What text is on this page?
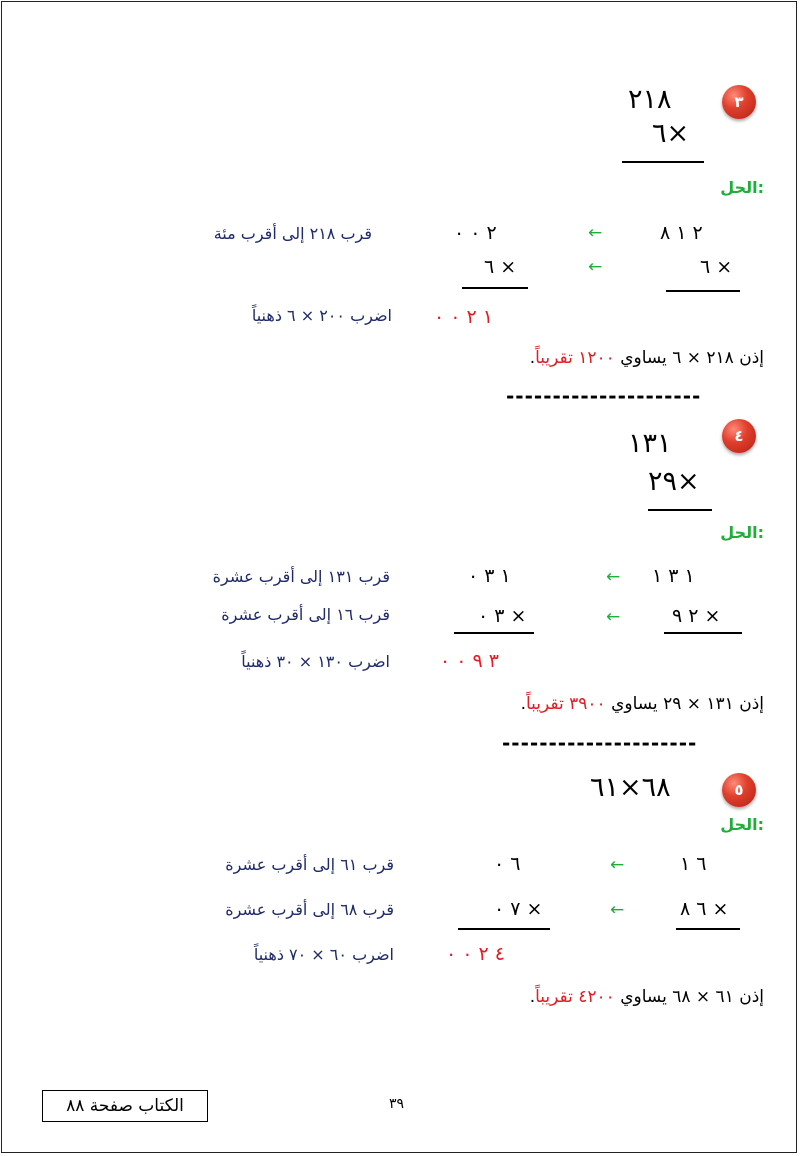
٣
٢١٨
٦×
الحل:
٢ ١ ٨
←
٢ ٠ ٠
قرب ٢١٨ إلى أقرب مئة
٦ ×
←
٦ ×
١ ٢ ٠ ٠
اضرب ٢٠٠ × ٦ ذهنياً
إذن ٢١٨ × ٦ يساوي ١٢٠٠ تقريباً.
---------------------
٤
١٣١
٢٩×
الحل:
١ ٣ ١
←
١ ٣ ٠
قرب ١٣١ إلى أقرب عشرة
٢ ٩ ×
←
٣ ٠ ×
قرب ١٦ إلى أقرب عشرة
٣ ٩ ٠ ٠
اضرب ١٣٠ × ٣٠ ذهنياً
إذن ١٣١ × ٢٩ يساوي ٣٩٠٠ تقريباً.
---------------------
٥
٦٨×٦١
الحل:
٦ ١
←
٦ ٠
قرب ٦١ إلى أقرب عشرة
٦ ٨ ×
←
٧ ٠ ×
قرب ٦٨ إلى أقرب عشرة
٤ ٢ ٠ ٠
اضرب ٦٠ × ٧٠ ذهنياً
إذن ٦١ × ٦٨ يساوي ٤٢٠٠ تقريباً.
الكتاب صفحة ٨٨	٣٩
